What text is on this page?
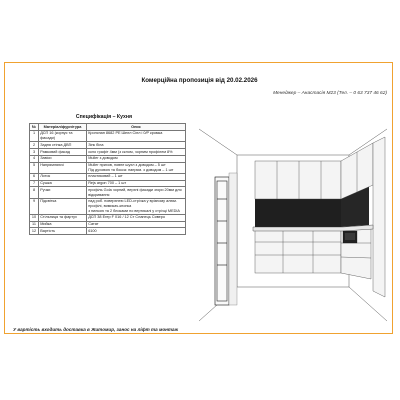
Комерційна пропозиція від 20.02.2026
Менеджер – Анастасія М23 (Тел. – 0 63 737 46 62)
Специфікація – Кухня
№	Матеріал/фурнітура	Опис
1	ДСП 16 (корпус та фасади)	Кронспан 8682 PE Шелл Сінл і 0/P кромка
2	Задня стінка ДВП	Зінк біла
3	Рамковий фасад	скло графіт 4мм (з склом, чорним профілем 8%
4	Завіси	Muller з доводом
5	Напрямляючі	Muller прихов, повне шухл з доводом – 5 шт
Під духовою та бокса: напрям. з доводом – 1 шт
6	Лоток	пластиковий – 1 шт
7	Сушка	Rejs argon 700 – 1 шт
8	Ручки	профіль Gola чорний, верхні фасади згори 20мм для відкривання
9	Підсвітка	над роб. поверхнею LED-стрічка у врізному алюм. профілі, вимикач-кнопка
з пилкою та 2 блоками по вертикалі у стрічці MEDIA
10	Стільниця та фартух	ДСП 38 Егер F 016 / 12 Ст Сланець Сиверо
11	Мийка	Сатат
12	Вартість	6100
У вартість входить доставка в Житомир, занос на ліфт та монтаж
